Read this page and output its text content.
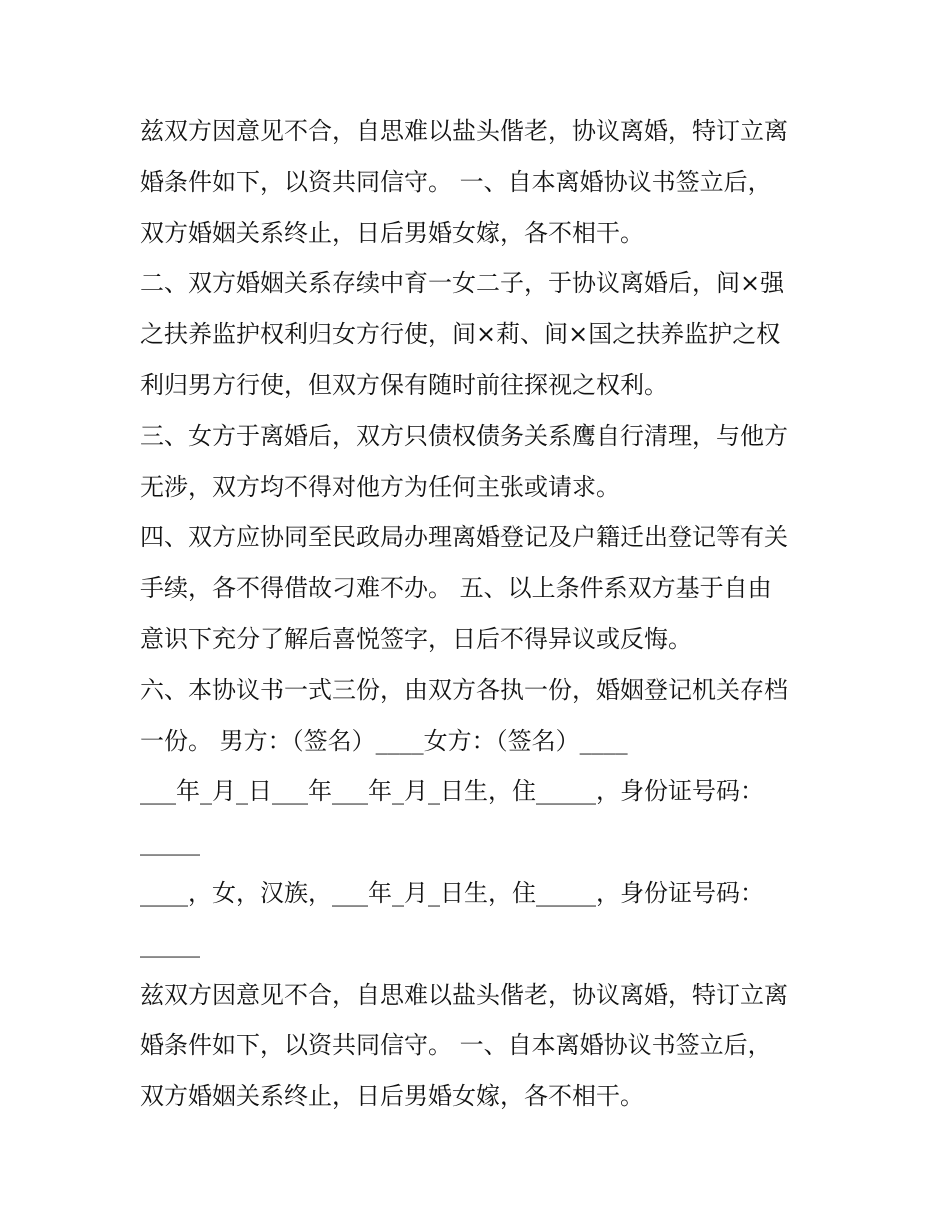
兹双方因意见不合，自思难以盐头偕老，协议离婚，特订立离
婚条件如下，以资共同信守。 一、自本离婚协议书签立后，
双方婚姻关系终止，日后男婚女嫁，各不相干。
二、双方婚姻关系存续中育一女二子，于协议离婚后，间×强
之扶养监护权利归女方行使，间×莉、间×国之扶养监护之权
利归男方行使，但双方保有随时前往探视之权利。
三、女方于离婚后，双方只债权债务关系鹰自行清理，与他方
无涉，双方均不得对他方为任何主张或请求。
四、双方应协同至民政局办理离婚登记及户籍迁出登记等有关
手续，各不得借故刁难不办。 五、以上条件系双方基于自由
意识下充分了解后喜悦签字，日后不得异议或反悔。
六、本协议书一式三份，由双方各执一份，婚姻登记机关存档
一份。 男方：（签名）____女方：（签名）____
___年_月_日___年___年_月_日生，住_____，身份证号码：
_____
____，女，汉族，___年_月_日生，住_____，身份证号码：
_____
兹双方因意见不合，自思难以盐头偕老，协议离婚，特订立离
婚条件如下，以资共同信守。 一、自本离婚协议书签立后，
双方婚姻关系终止，日后男婚女嫁，各不相干。
